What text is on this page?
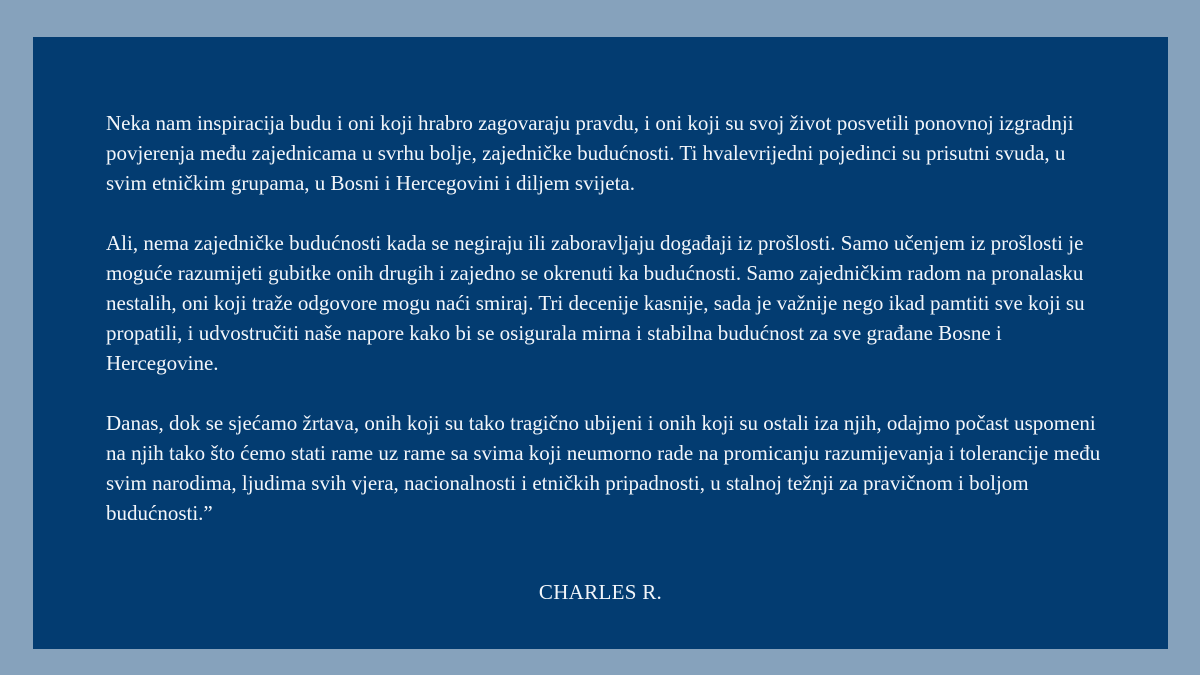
Neka nam inspiracija budu i oni koji hrabro zagovaraju pravdu, i oni koji su svoj život posvetili ponovnoj izgradnji povjerenja među zajednicama u svrhu bolje, zajedničke budućnosti. Ti hvalevrijedni pojedinci su prisutni svuda, u svim etničkim grupama, u Bosni i Hercegovini i diljem svijeta.

Ali, nema zajedničke budućnosti kada se negiraju ili zaboravljaju događaji iz prošlosti. Samo učenjem iz prošlosti je moguće razumijeti gubitke onih drugih i zajedno se okrenuti ka budućnosti. Samo zajedničkim radom na pronalasku nestalih, oni koji traže odgovore mogu naći smiraj. Tri decenije kasnije, sada je važnije nego ikad pamtiti sve koji su propatili, i udvostručiti naše napore kako bi se osigurala mirna i stabilna budućnost za sve građane Bosne i Hercegovine.

Danas, dok se sjećamo žrtava, onih koji su tako tragično ubijeni i onih koji su ostali iza njih, odajmo počast uspomeni na njih tako što ćemo stati rame uz rame sa svima koji neumorno rade na promicanju razumijevanja i tolerancije među svim narodima, ljudima svih vjera, nacionalnosti i etničkih pripadnosti, u stalnoj težnji za pravičnom i boljom budućnosti.”

CHARLES R.
